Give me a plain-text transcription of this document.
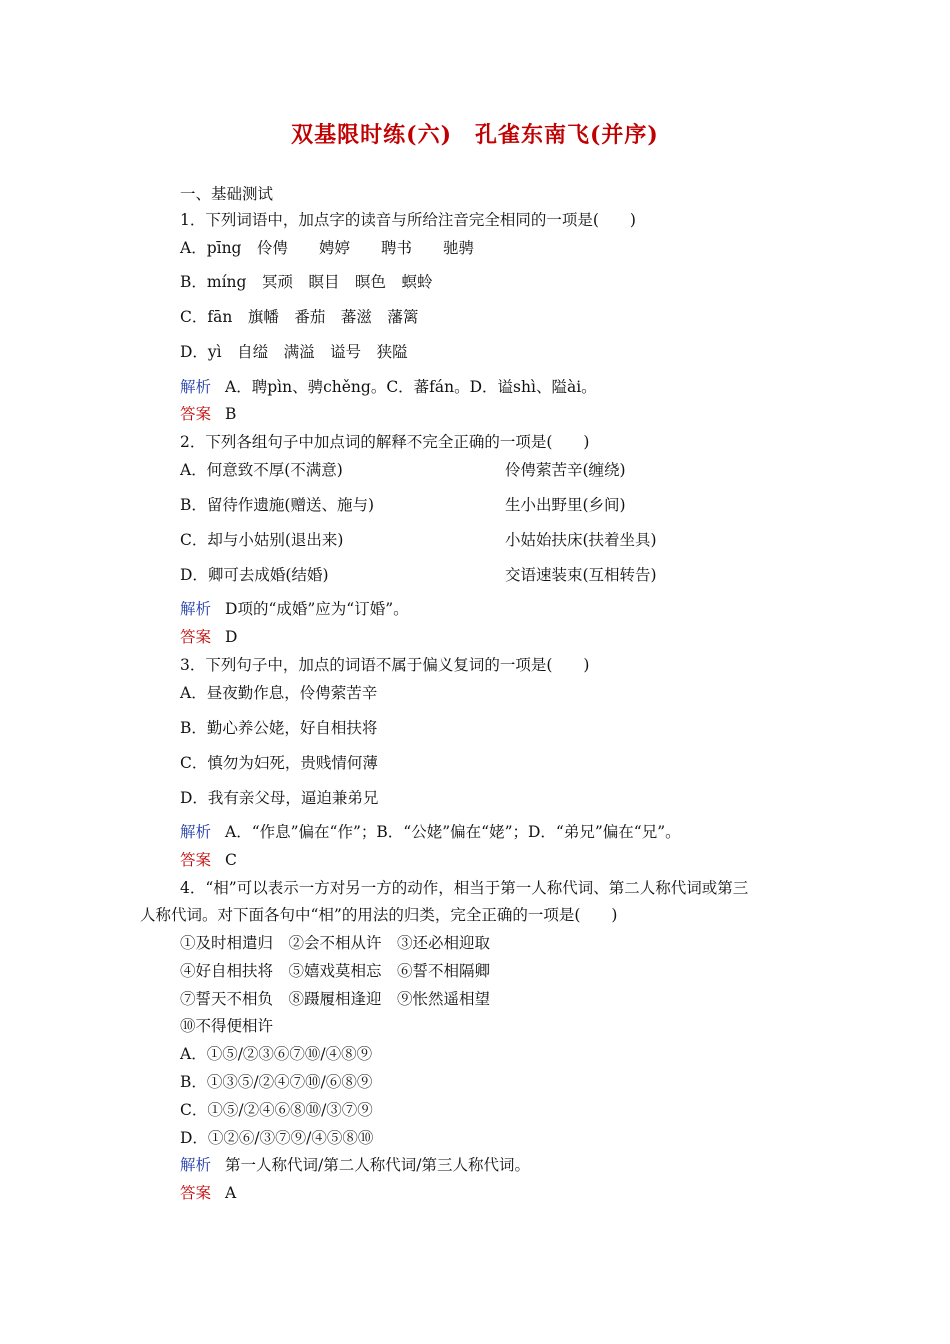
双基限时练(六)　孔雀东南飞(并序)
一、基础测试
1．下列词语中，加点字的读音与所给注音完全相同的一项是(　　)
A．pīng　伶俜　　娉婷　　聘书　　驰骋
B．míng　冥顽　瞑目　暝色　螟蛉
C．fān　旗幡　番茄　蕃滋　藩篱
D．yì　自缢　满溢　谥号　狭隘
解析 A．聘pìn、骋chěng。C．蕃fán。D．谥shì、隘ài。
答案 B
2．下列各组句子中加点词的解释不完全正确的一项是(　　)
A．何意致不厚(不满意)	伶俜萦苦辛(缠绕)
B．留待作遗施(赠送、施与)	生小出野里(乡间)
C．却与小姑别(退出来)	小姑始扶床(扶着坐具)
D．卿可去成婚(结婚)	交语速装束(互相转告)
解析 D项的“成婚”应为“订婚”。
答案 D
3．下列句子中，加点的词语不属于偏义复词的一项是(　　)
A．昼夜勤作息，伶俜萦苦辛
B．勤心养公姥，好自相扶将
C．慎勿为妇死，贵贱情何薄
D．我有亲父母，逼迫兼弟兄
解析 A．“作息”偏在“作”；B．“公姥”偏在“姥”；D．“弟兄”偏在“兄”。
答案 C
4．“相”可以表示一方对另一方的动作，相当于第一人称代词、第二人称代词或第三
人称代词。对下面各句中“相”的用法的归类，完全正确的一项是(　　)
①及时相遣归　②会不相从许　③还必相迎取
④好自相扶将　⑤嬉戏莫相忘　⑥誓不相隔卿
⑦誓天不相负　⑧蹑履相逢迎　⑨怅然遥相望
⑩不得便相许
A．①⑤/②③⑥⑦⑩/④⑧⑨
B．①③⑤/②④⑦⑩/⑥⑧⑨
C．①⑤/②④⑥⑧⑩/③⑦⑨
D．①②⑥/③⑦⑨/④⑤⑧⑩
解析 第一人称代词/第二人称代词/第三人称代词。
答案 A
